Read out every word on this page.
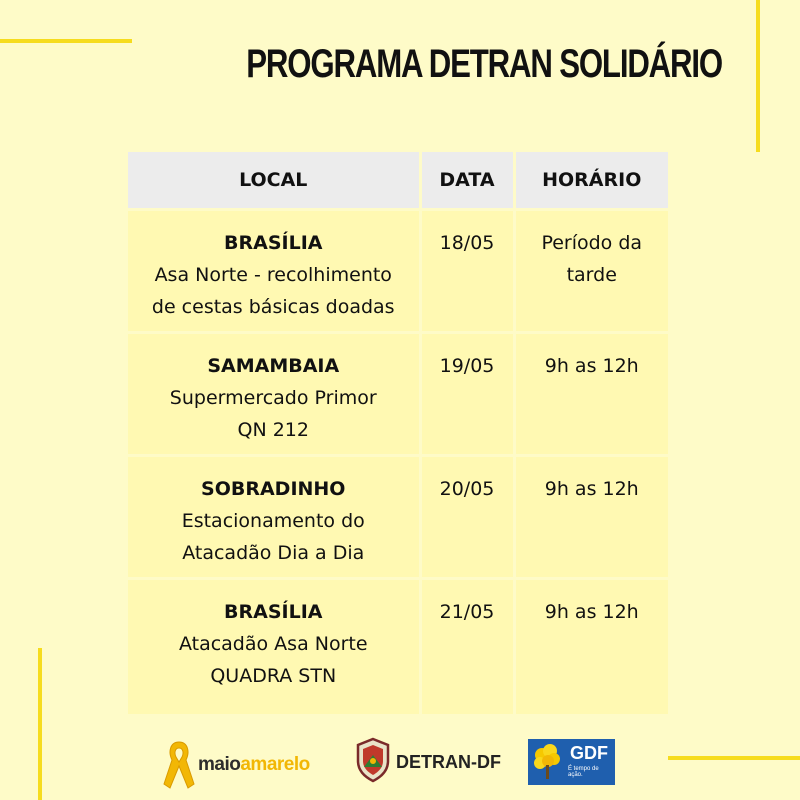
PROGRAMA DETRAN SOLIDÁRIO
LOCAL	DATA	HORÁRIO

BRASÍLIA
Asa Norte - recolhimento
de cestas básicas doadas	18/05	Período da
tarde

SAMAMBAIA
Supermercado Primor
QN 212	19/05	9h as 12h

SOBRADINHO
Estacionamento do
Atacadão Dia a Dia	20/05	9h as 12h

BRASÍLIA
Atacadão Asa Norte
QUADRA STN	21/05	9h as 12h
maioamarelo	DETRAN-DF	GDF
É tempo de ação.
